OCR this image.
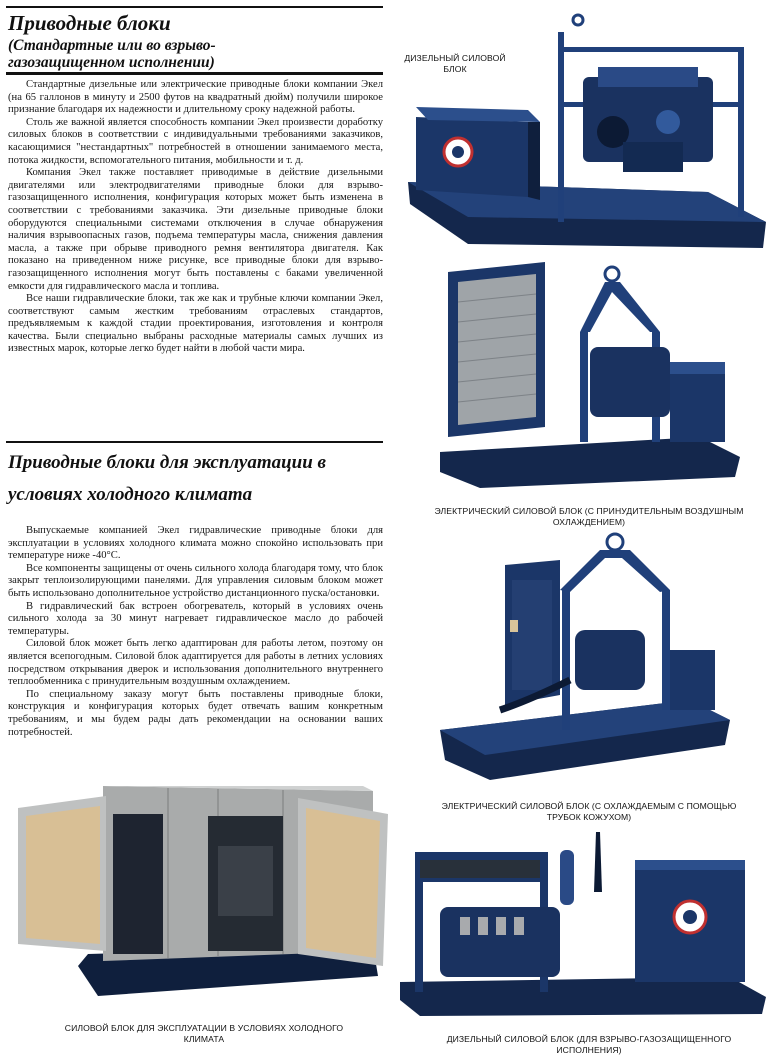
Приводные блоки
(Стандартные или во взрыво-
газозащищенном исполнении)

Стандартные дизельные или электрические приводные блоки компании Экел (на 65 галлонов в минуту и 2500 футов на квадратный дюйм) получили широкое признание благодаря их надежности и длительному сроку надежной работы.

Столь же важной является способность компании Экел произвести доработку силовых блоков в соответствии с индивидуальными требованиями заказчиков, касающимися "нестандартных" потребностей в отношении занимаемого места, потока жидкости, вспомогательного питания, мобильности и т. д.

Компания Экел также поставляет приводимые в действие дизельными двигателями или электродвигателями приводные блоки для взрыво-газозащищенного исполнения, конфигурация которых может быть изменена в соответствии с требованиями заказчика. Эти дизельные приводные блоки оборудуются специальными системами отключения в случае обнаружения наличия взрывоопасных газов, подъема температуры масла, снижения давления масла, а также при обрыве приводного ремня вентилятора двигателя. Как показано на приведенном ниже рисунке, все приводные блоки для взрыво- газозащищенного исполнения могут быть поставлены с баками увеличенной емкости для гидравлического масла и топлива.

Все наши гидравлические блоки, так же как и трубные ключи компании Экел, соответствуют самым жестким требованиям отраслевых стандартов, предъявляемым к каждой стадии проектирования, изготовления и контроля качества. Были специально выбраны расходные материалы самых лучших из известных марок, которые легко будет найти в любой части мира.

Приводные блоки для эксплуатации в
условиях холодного климата

Выпускаемые компанией Экел гидравлические приводные блоки для эксплуатации в условиях холодного климата можно спокойно использовать при температуре ниже -40°С.

Все компоненты защищены от очень сильного холода благодаря тому, что блок закрыт теплоизолирующими панелями. Для управления силовым блоком может быть использовано дополнительное устройство дистанционного пуска/остановки.

В гидравлический бак встроен обогреватель, который в условиях очень сильного холода за 30 минут нагревает гидравлическое масло до рабочей температуры.

Силовой блок может быть легко адаптирован для работы летом, поэтому он является всепогодным. Силовой блок адаптируется для работы в летних условиях посредством открывания дверок и использования дополнительного внутреннего теплообменника с принудительным воздушным охлаждением.

По специальному заказу могут быть поставлены приводные блоки, конструкция и конфигурация которых будет отвечать вашим конкретным требованиям, и мы будем рады дать рекомендации на основании ваших потребностей.

ДИЗЕЛЬНЫЙ СИЛОВОЙ
БЛОК
ЭЛЕКТРИЧЕСКИЙ СИЛОВОЙ БЛОК (С ПРИНУДИТЕЛЬНЫМ ВОЗДУШНЫМ
ОХЛАЖДЕНИЕМ)
ЭЛЕКТРИЧЕСКИЙ СИЛОВОЙ БЛОК (С ОХЛАЖДАЕМЫМ С ПОМОЩЬЮ
ТРУБОК КОЖУХОМ)
СИЛОВОЙ БЛОК ДЛЯ ЭКСПЛУАТАЦИИ В УСЛОВИЯХ ХОЛОДНОГО
КЛИМАТА	ДИЗЕЛЬНЫЙ СИЛОВОЙ БЛОК (ДЛЯ ВЗРЫВО-ГАЗОЗАЩИЩЕННОГО
ИСПОЛНЕНИЯ)
